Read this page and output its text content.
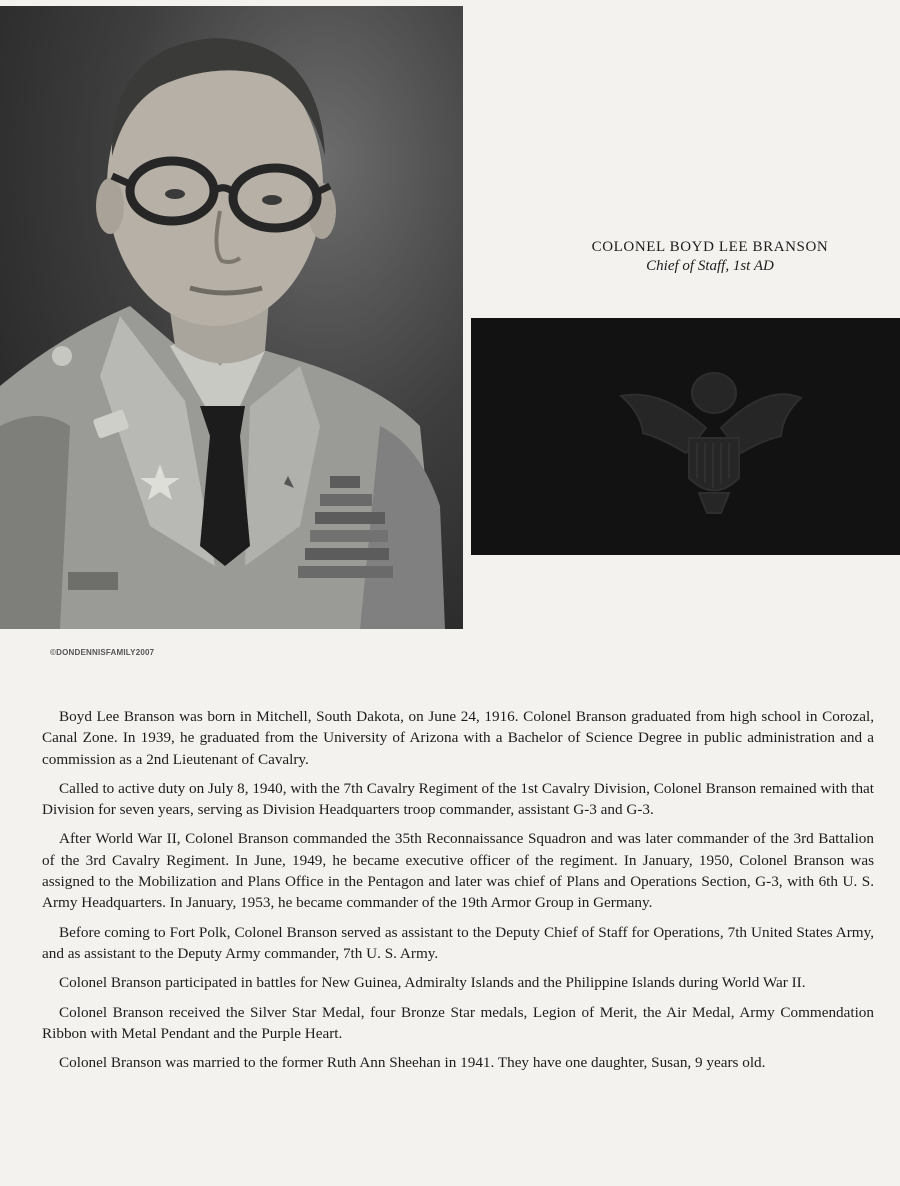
©DONDENNISFAMILY2007
COLONEL BOYD LEE BRANSON
Chief of Staff, 1st AD

Boyd Lee Branson was born in Mitchell, South Dakota, on June 24, 1916. Colonel Branson graduated from high school in Corozal, Canal Zone. In 1939, he graduated from the University of Arizona with a Bachelor of Science Degree in public administration and a commission as a 2nd Lieutenant of Cavalry.

Called to active duty on July 8, 1940, with the 7th Cavalry Regiment of the 1st Cavalry Division, Colonel Branson remained with that Division for seven years, serving as Division Headquarters troop commander, assistant G-3 and G-3.

After World War II, Colonel Branson commanded the 35th Reconnaissance Squadron and was later commander of the 3rd Battalion of the 3rd Cavalry Regiment. In June, 1949, he became executive officer of the regiment. In January, 1950, Colonel Branson was assigned to the Mobilization and Plans Office in the Pentagon and later was chief of Plans and Operations Section, G-3, with 6th U. S. Army Headquarters. In January, 1953, he became commander of the 19th Armor Group in Germany.

Before coming to Fort Polk, Colonel Branson served as assistant to the Deputy Chief of Staff for Operations, 7th United States Army, and as assistant to the Deputy Army commander, 7th U. S. Army.

Colonel Branson participated in battles for New Guinea, Admiralty Islands and the Philippine Islands during World War II.

Colonel Branson received the Silver Star Medal, four Bronze Star medals, Legion of Merit, the Air Medal, Army Commendation Ribbon with Metal Pendant and the Purple Heart.

Colonel Branson was married to the former Ruth Ann Sheehan in 1941. They have one daughter, Susan, 9 years old.
